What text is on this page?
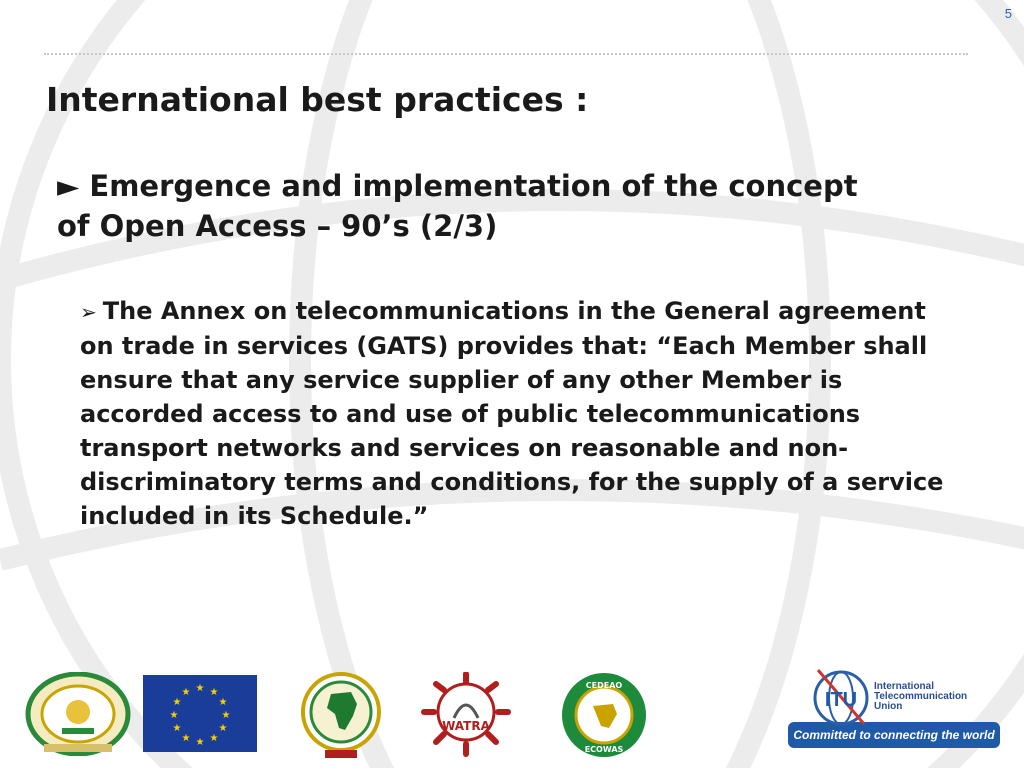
5
International best practices :
► Emergence and implementation of the concept of Open Access – 90’s (2/3)
➢ The Annex on telecommunications in the General agreement on trade in services (GATS) provides that: “Each Member shall ensure that any service supplier of any other Member is accorded access to and use of public telecommunications transport networks and services on reasonable and non-discriminatory terms and conditions, for the supply of a service included in its Schedule.”
★ ★
★
★
★
★
★
★
★
★
★
★
WATRA
CEDEAO
ECOWAS
ITU
International
Telecommunication
Union
Committed to connecting the world
